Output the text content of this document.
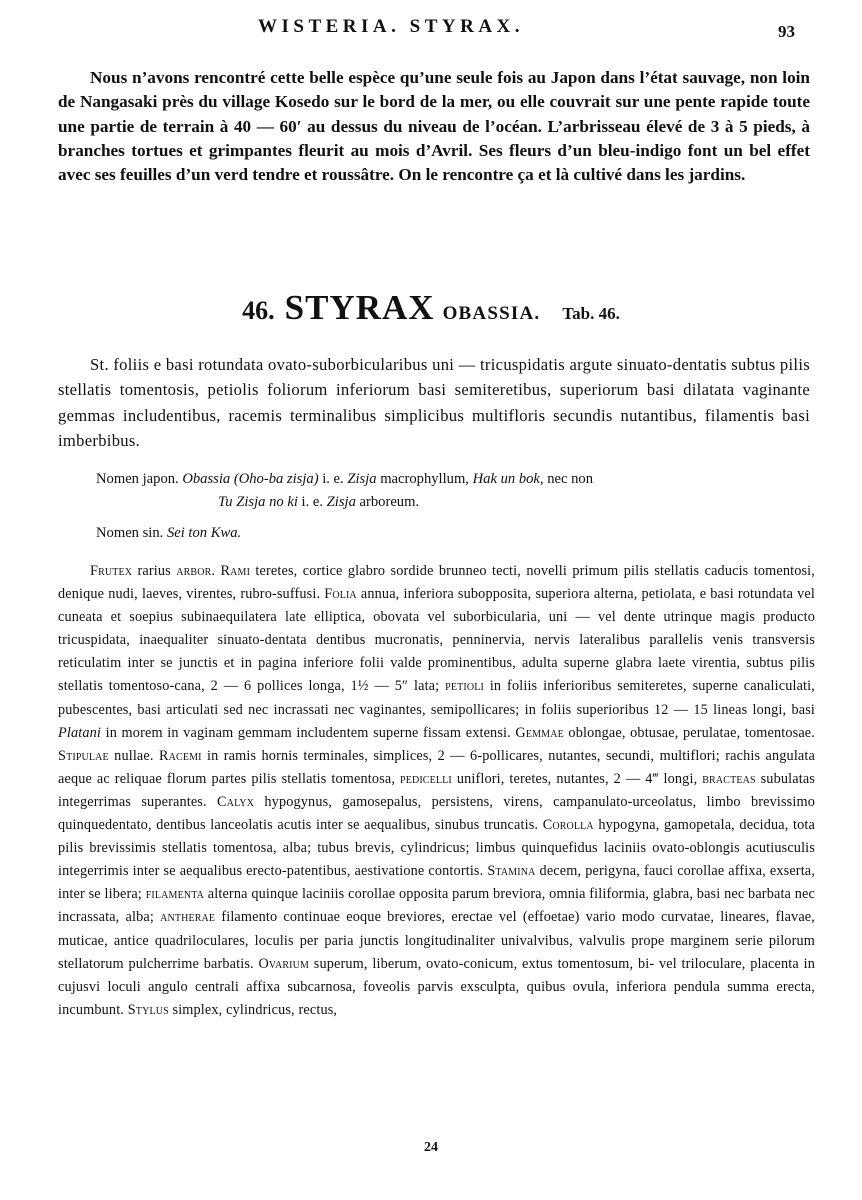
WISTERIA. STYRAX.	93

Nous n’avons rencontré cette belle espèce qu’une seule fois au Japon dans l’état sauvage, non loin de Nangasaki près du village Kosedo sur le bord de la mer, ou elle couvrait sur une pente rapide toute une partie de terrain à 40 — 60′ au dessus du niveau de l’océan. L’arbrisseau élevé de 3 à 5 pieds, à branches tortues et grimpantes fleurit au mois d’Avril. Ses fleurs d’un bleu-indigo font un bel effet avec ses feuilles d’un verd tendre et roussâtre. On le rencontre ça et là cultivé dans les jardins.

46. STYRAX OBASSIA. Tab. 46.

St. foliis e basi rotundata ovato-suborbicularibus uni — tricuspidatis argute sinuato-dentatis subtus pilis stellatis tomentosis, petiolis foliorum inferiorum basi semiteretibus, superiorum basi dilatata vaginante gemmas includentibus, racemis terminalibus simplicibus multifloris secundis nutantibus, filamentis basi imberbibus.

Nomen japon. Obassia (Oho-ba zisja) i. e. Zisja macrophyllum, Hak un bok, nec non
Tu Zisja no ki i. e. Zisja arboreum.
Nomen sin. Sei ton Kwa.

Frutex rarius arbor. Rami teretes, cortice glabro sordide brunneo tecti, novelli primum pilis stellatis caducis tomentosi, denique nudi, laeves, virentes, rubro-suffusi. Folia annua, inferiora subopposita, superiora alterna, petiolata, e basi rotundata vel cuneata et soepius subinaequilatera late elliptica, obovata vel suborbicularia, uni — vel dente utrinque magis producto tricuspidata, inaequaliter sinuato-dentata dentibus mucronatis, penninervia, nervis lateralibus parallelis venis transversis reticulatim inter se junctis et in pagina inferiore folii valde prominentibus, adulta superne glabra laete virentia, subtus pilis stellatis tomentoso-cana, 2 — 6 pollices longa, 1½ — 5″ lata; petioli in foliis inferioribus semiteretes, superne canaliculati, pubescentes, basi articulati sed nec incrassati nec vaginantes, semipollicares; in foliis superioribus 12 — 15 lineas longi, basi Platani in morem in vaginam gemmam includentem superne fissam extensi. Gemmae oblongae, obtusae, perulatae, tomentosae. Stipulae nullae. Racemi in ramis hornis terminales, simplices, 2 — 6-pollicares, nutantes, secundi, multiflori; rachis angulata aeque ac reliquae florum partes pilis stellatis tomentosa, pedicelli uniflori, teretes, nutantes, 2 — 4‴ longi, bracteas subulatas integerrimas superantes. Calyx hypogynus, gamosepalus, persistens, virens, campanulato-urceolatus, limbo brevissimo quinquedentato, dentibus lanceolatis acutis inter se aequalibus, sinubus truncatis. Corolla hypogyna, gamopetala, decidua, tota pilis brevissimis stellatis tomentosa, alba; tubus brevis, cylindricus; limbus quinquefidus laciniis ovato-oblongis acutiusculis integerrimis inter se aequalibus erecto-patentibus, aestivatione contortis. Stamina decem, perigyna, fauci corollae affixa, exserta, inter se libera; filamenta alterna quinque laciniis corollae opposita parum breviora, omnia filiformia, glabra, basi nec barbata nec incrassata, alba; antherae filamento continuae eoque breviores, erectae vel (effoetae) vario modo curvatae, lineares, flavae, muticae, antice quadriloculares, loculis per paria junctis longitudinaliter univalvibus, valvulis prope marginem serie pilorum stellatorum pulcherrime barbatis. Ovarium superum, liberum, ovato-conicum, extus tomentosum, bi- vel triloculare, placenta in cujusvi loculi angulo centrali affixa subcarnosa, foveolis parvis exsculpta, quibus ovula, inferiora pendula summa erecta, incumbunt. Stylus simplex, cylindricus, rectus,

24
